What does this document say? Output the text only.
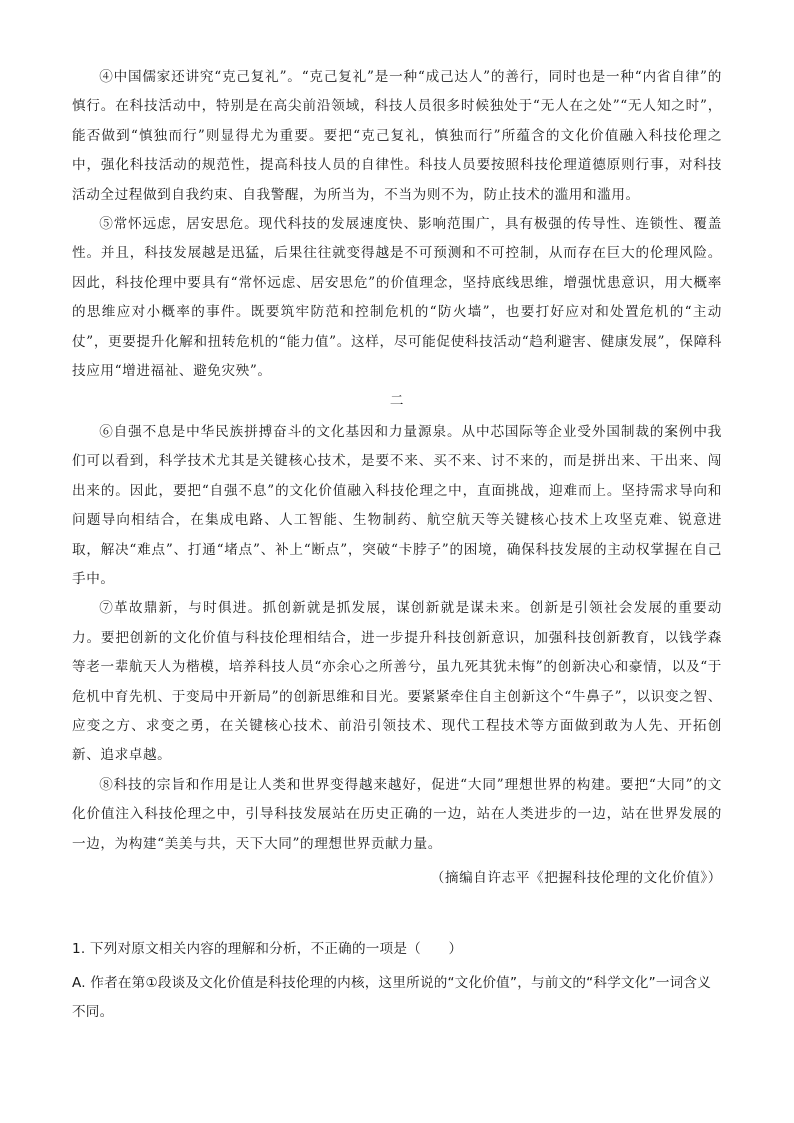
④中国儒家还讲究“克己复礼”。“克己复礼”是一种“成己达人”的善行，同时也是一种“内省自律”的慎行。在科技活动中，特别是在高尖前沿领域，科技人员很多时候独处于“无人在之处”“无人知之时”，能否做到“慎独而行”则显得尤为重要。要把“克己复礼，慎独而行”所蕴含的文化价值融入科技伦理之中，强化科技活动的规范性，提高科技人员的自律性。科技人员要按照科技伦理道德原则行事，对科技活动全过程做到自我约束、自我警醒，为所当为，不当为则不为，防止技术的滥用和滥用。

⑤常怀远虑，居安思危。现代科技的发展速度快、影响范围广，具有极强的传导性、连锁性、覆盖性。并且，科技发展越是迅猛，后果往往就变得越是不可预测和不可控制，从而存在巨大的伦理风险。因此，科技伦理中要具有“常怀远虑、居安思危”的价值理念，坚持底线思维，增强忧患意识，用大概率的思维应对小概率的事件。既要筑牢防范和控制危机的“防火墙”，也要打好应对和处置危机的“主动仗”，更要提升化解和扭转危机的“能力值”。这样，尽可能促使科技活动“趋利避害、健康发展”，保障科技应用“增进福祉、避免灾殃”。

二

⑥自强不息是中华民族拼搏奋斗的文化基因和力量源泉。从中芯国际等企业受外国制裁的案例中我们可以看到，科学技术尤其是关键核心技术，是要不来、买不来、讨不来的，而是拼出来、干出来、闯出来的。因此，要把“自强不息”的文化价值融入科技伦理之中，直面挑战，迎难而上。坚持需求导向和问题导向相结合，在集成电路、人工智能、生物制药、航空航天等关键核心技术上攻坚克难、锐意进取，解决“难点”、打通“堵点”、补上“断点”，突破“卡脖子”的困境，确保科技发展的主动权掌握在自己手中。

⑦革故鼎新，与时俱进。抓创新就是抓发展，谋创新就是谋未来。创新是引领社会发展的重要动力。要把创新的文化价值与科技伦理相结合，进一步提升科技创新意识，加强科技创新教育，以钱学森等老一辈航天人为楷模，培养科技人员“亦余心之所善兮，虽九死其犹未悔”的创新决心和豪情，以及“于危机中育先机、于变局中开新局”的创新思维和目光。要紧紧牵住自主创新这个“牛鼻子”，以识变之智、应变之方、求变之勇，在关键核心技术、前沿引领技术、现代工程技术等方面做到敢为人先、开拓创新、追求卓越。

⑧科技的宗旨和作用是让人类和世界变得越来越好，促进“大同”理想世界的构建。要把“大同”的文化价值注入科技伦理之中，引导科技发展站在历史正确的一边，站在人类进步的一边，站在世界发展的一边，为构建“美美与共，天下大同”的理想世界贡献力量。

（摘编自许志平《把握科技伦理的文化价值》）

1. 下列对原文相关内容的理解和分析，不正确的一项是（　　）

A. 作者在第①段谈及文化价值是科技伦理的内核，这里所说的“文化价值”，与前文的“科学文化”一词含义不同。
